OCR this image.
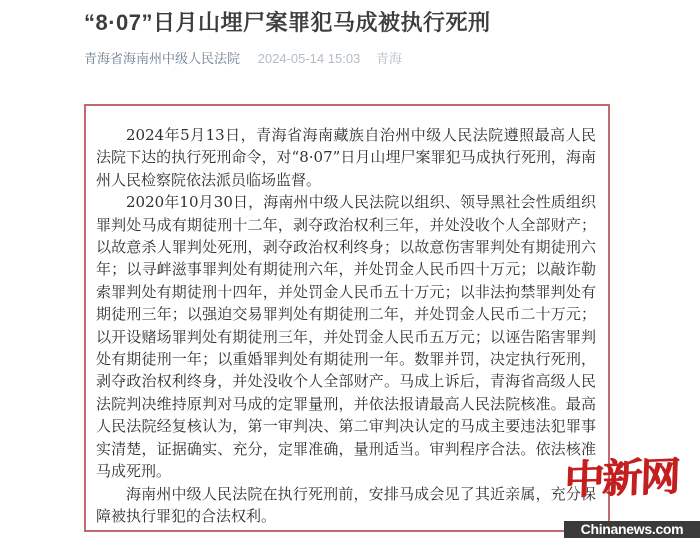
“8·07”日月山埋尸案罪犯马成被执行死刑
青海省海南州中级人民法院 2024-05-14 15:03 青海

2024年5月13日，青海省海南藏族自治州中级人民法院遵照最高人民法院下达的执行死刑命令，对“8·07”日月山埋尸案罪犯马成执行死刑，海南州人民检察院依法派员临场监督。

2020年10月30日，海南州中级人民法院以组织、领导黑社会性质组织罪判处马成有期徒刑十二年，剥夺政治权利三年，并处没收个人全部财产；以故意杀人罪判处死刑，剥夺政治权利终身；以故意伤害罪判处有期徒刑六年；以寻衅滋事罪判处有期徒刑六年，并处罚金人民币四十万元；以敲诈勒索罪判处有期徒刑十四年，并处罚金人民币五十万元；以非法拘禁罪判处有期徒刑三年；以强迫交易罪判处有期徒刑二年，并处罚金人民币二十万元；以开设赌场罪判处有期徒刑三年，并处罚金人民币五万元；以诬告陷害罪判处有期徒刑一年；以重婚罪判处有期徒刑一年。数罪并罚，决定执行死刑，剥夺政治权利终身，并处没收个人全部财产。马成上诉后，青海省高级人民法院判决维持原判对马成的定罪量刑，并依法报请最高人民法院核准。最高人民法院经复核认为，第一审判决、第二审判决认定的马成主要违法犯罪事实清楚，证据确实、充分，定罪准确，量刑适当。审判程序合法。依法核准马成死刑。

海南州中级人民法院在执行死刑前，安排马成会见了其近亲属，充分保障被执行罪犯的合法权利。

中新网
Chinanews.com
